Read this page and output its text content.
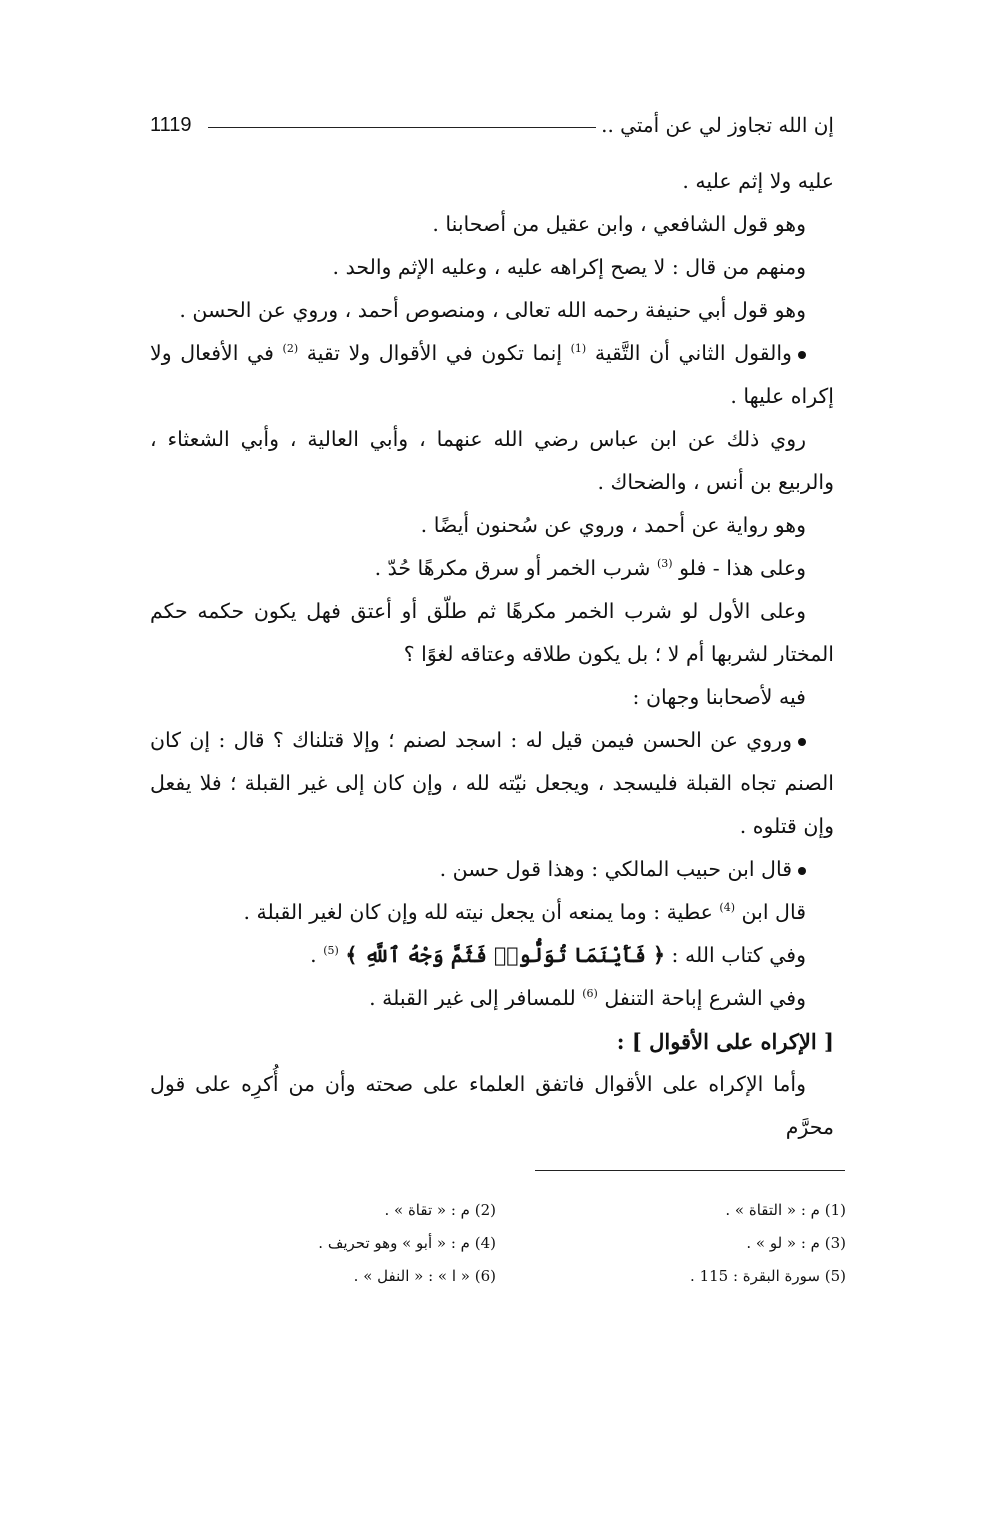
إن الله تجاوز لي عن أمتي ..
1119
عليه ولا إثم عليه .
وهو قول الشافعي ، وابن عقيل من أصحابنا .
ومنهم من قال : لا يصح إكراهه عليه ، وعليه الإثم والحد .
وهو قول أبي حنيفة رحمه الله تعالى ، ومنصوص أحمد ، وروي عن الحسن .

والقول الثاني أن التَّقية $^{(1)}$ إنما تكون في الأقوال ولا تقية $^{(2)}$ في الأفعال ولا إكراه عليها .

روي ذلك عن ابن عباس رضي الله عنهما ، وأبي العالية ، وأبي الشعثاء ، والربيع بن أنس ، والضحاك .

وهو رواية عن أحمد ، وروي عن سُحنون أيضًا .

وعلى هذا - فلو $^{(3)}$ شرب الخمر أو سرق مكرهًا حُدّ .

وعلى الأول لو شرب الخمر مكرهًا ثم طلّق أو أعتق فهل يكون حكمه حكم المختار لشربها أم لا ؛ بل يكون طلاقه وعتاقه لغوًا ؟

فيه لأصحابنا وجهان :

وروي عن الحسن فيمن قيل له : اسجد لصنم ؛ وإلا قتلناك ؟ قال : إن كان الصنم تجاه القبلة فليسجد ، ويجعل نيّته لله ، وإن كان إلى غير القبلة ؛ فلا يفعل وإن قتلوه .

قال ابن حبيب المالكي : وهذا قول حسن .

قال ابن $^{(4)}$ عطية : وما يمنعه أن يجعل نيته لله وإن كان لغير القبلة .

وفي كتاب الله : ﴿ فَأَيْنَمَا تُوَلُّوا۟ فَثَمَّ وَجْهُ ٱللَّهِ ﴾ $^{(5)}$ .

وفي الشرع إباحة التنفل $^{(6)}$ للمسافر إلى غير القبلة .

[ الإكراه على الأقوال ] :

وأما الإكراه على الأقوال فاتفق العلماء على صحته وأن من أُكرِه على قول محرَّم

(1) م : « التقاة » .
(2) م : « تقاة » .
(3) م : « لو » .
(4) م : « أبو » وهو تحريف .
(5) سورة البقرة : 115 .
(6) « ا » : « النفل » .
